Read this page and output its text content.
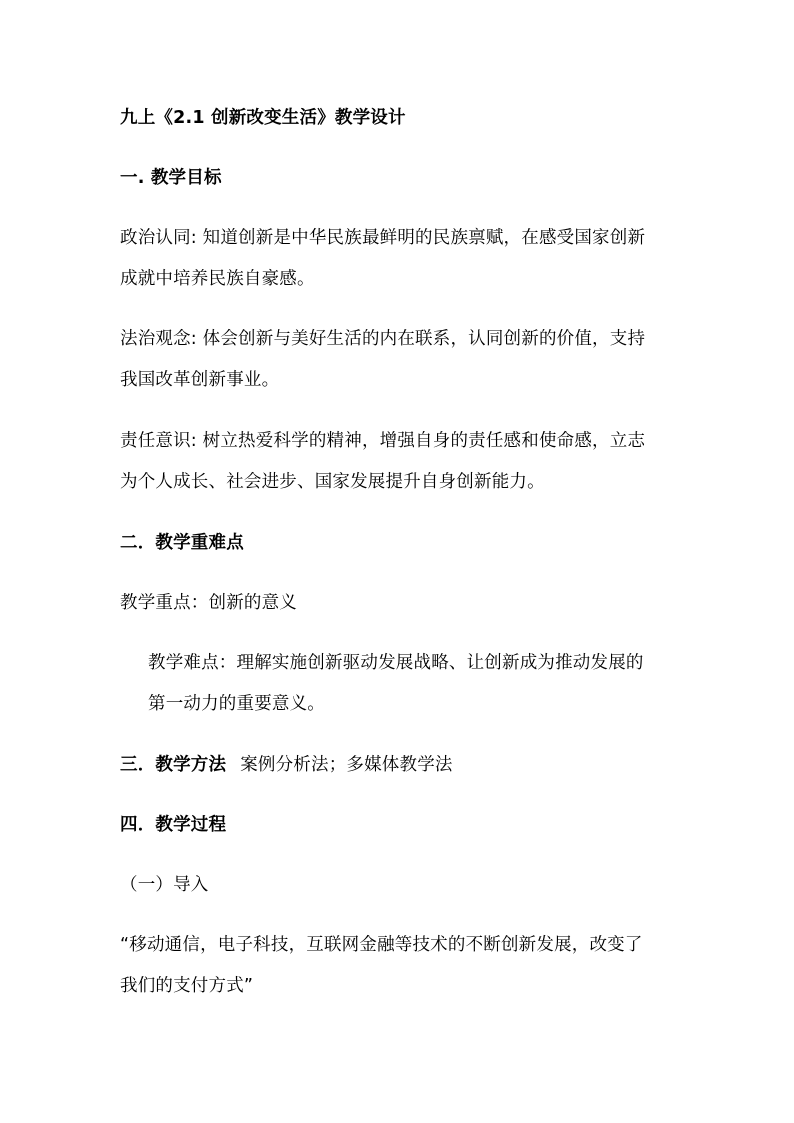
九上《2.1 创新改变生活》教学设计
一. 教学目标
政治认同: 知道创新是中华民族最鲜明的民族禀赋，在感受国家创新
成就中培养民族自豪感。
法治观念: 体会创新与美好生活的内在联系，认同创新的价值，支持
我国改革创新事业。
责任意识: 树立热爱科学的精神，增强自身的责任感和使命感，立志
为个人成长、社会进步、国家发展提升自身创新能力。
二．教学重难点
教学重点：创新的意义
教学难点：理解实施创新驱动发展战略、让创新成为推动发展的
第一动力的重要意义。
三．教学方法 案例分析法；多媒体教学法
四．教学过程
（一）导入
“移动通信，电子科技，互联网金融等技术的不断创新发展，改变了
我们的支付方式”
